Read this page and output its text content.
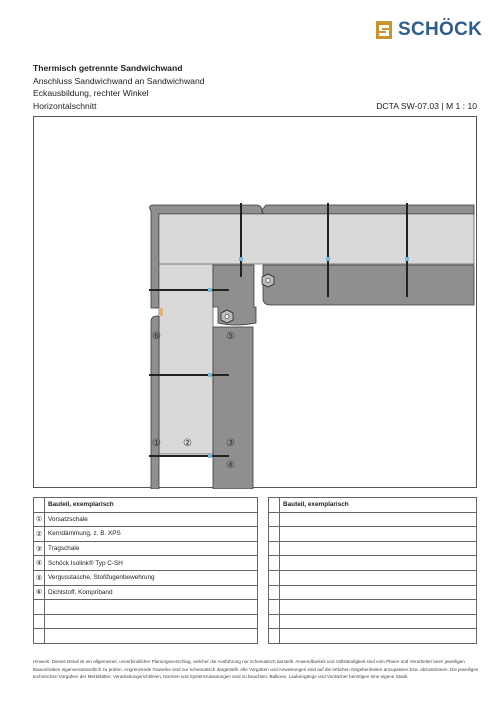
SCHÖCK
Thermisch getrennte Sandwichwand
Anschluss Sandwichwand an Sandwichwand
Eckausbildung, rechter Winkel
Horizontalschnitt	DCTA SW-07.03 | M 1 : 10
⑥	⑤
① ②	③
④
	Bauteil, exemplarisch
①	Vorsatzschale
②	Kerndämmung, z. B. XPS
③	Tragschale
④	Schöck Isolink® Typ C-SH
⑤	Vergusstasche, Stoßfugenbewehrung
⑥	Dichtstoff, Kompriband

	Bauteil, exemplarisch

Hinweis: Dieses Detail ist ein allgemeiner, unverbindlicher Planungsvorschlag, welcher die Ausführung nur schematisch darstellt. Anwendbarkeit und Vollständigkeit sind vom Planer und Verarbeiter beim jeweiligen Bauvorhaben eigenverantwortlich zu prüfen. Angrenzende Gewerke sind nur schematisch dargestellt. Alle Vorgaben und Anweisungen sind auf die örtlichen Gegebenheiten anzupassen bzw. abzustimmen. Die jeweiligen technischen Vorgaben der Merkblätter, Verarbeitungsrichtlinien, Normen und Systemzulassungen sind zu beachten. Balkone, Laubengänge und Vordächer benötigen eine eigene Statik.
